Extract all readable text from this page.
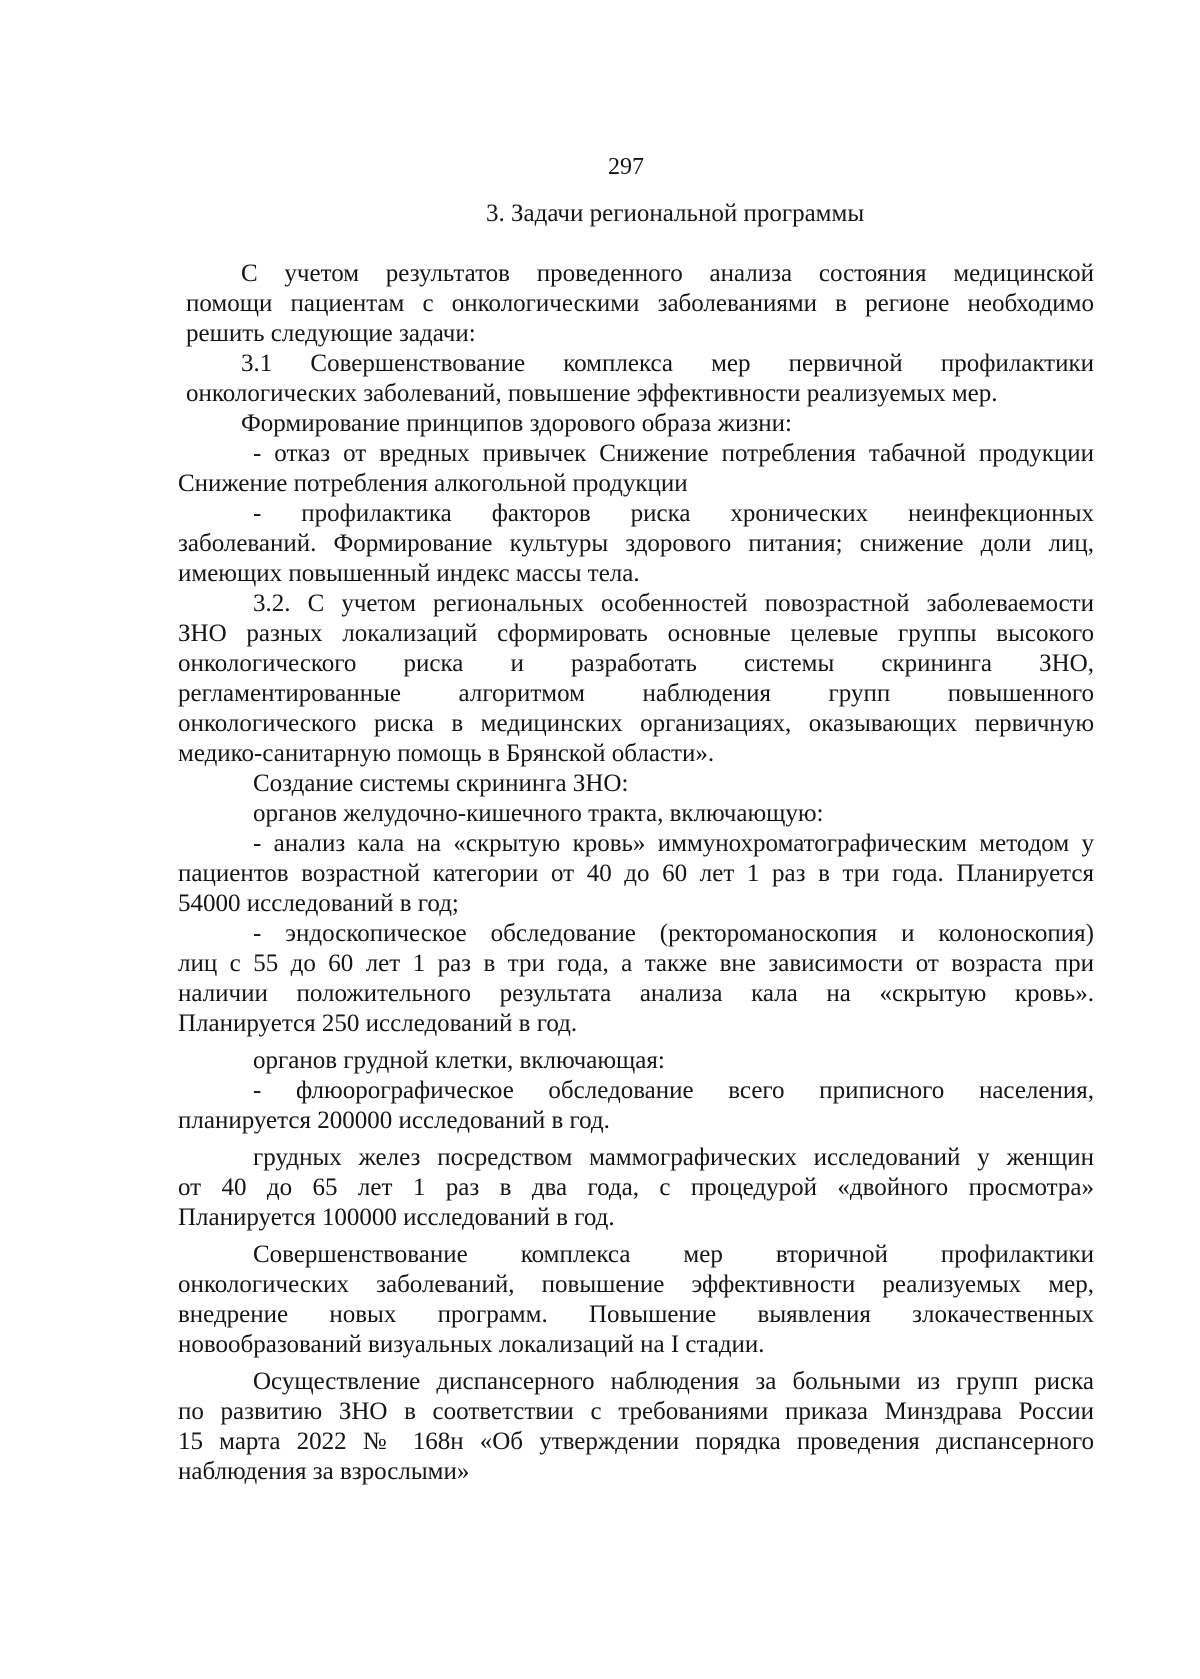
297
3. Задачи региональной программы
С учетом результатов проведенного анализа состояния медицинской
помощи пациентам с онкологическими заболеваниями в регионе необходимо
решить следующие задачи:
3.1 Совершенствование комплекса мер первичной профилактики
онкологических заболеваний, повышение эффективности реализуемых мер.
Формирование принципов здорового образа жизни:
- отказ от вредных привычек Снижение потребления табачной продукции
Снижение потребления алкогольной продукции
- профилактика факторов риска хронических неинфекционных
заболеваний. Формирование культуры здорового питания; снижение доли лиц,
имеющих повышенный индекс массы тела.
3.2. С учетом региональных особенностей повозрастной заболеваемости
ЗНО разных локализаций сформировать основные целевые группы высокого
онкологического риска и разработать системы скрининга ЗНО,
регламентированные алгоритмом наблюдения групп повышенного
онкологического риска в медицинских организациях, оказывающих первичную
медико-санитарную помощь в Брянской области».
Создание системы скрининга ЗНО:
органов желудочно-кишечного тракта, включающую:
- анализ кала на «скрытую кровь» иммунохроматографическим методом у
пациентов возрастной категории от 40 до 60 лет 1 раз в три года. Планируется
54000 исследований в год;
- эндоскопическое обследование (ректороманоскопия и колоноскопия)
лиц с 55 до 60 лет 1 раз в три года, а также вне зависимости от возраста при
наличии положительного результата анализа кала на «скрытую кровь».
Планируется 250 исследований в год.
органов грудной клетки, включающая:
- флюорографическое обследование всего приписного населения,
планируется 200000 исследований в год.
грудных желез посредством маммографических исследований у женщин
от 40 до 65 лет 1 раз в два года, с процедурой «двойного просмотра»
Планируется 100000 исследований в год.
Совершенствование комплекса мер вторичной профилактики
онкологических заболеваний, повышение эффективности реализуемых мер,
внедрение новых программ. Повышение выявления злокачественных
новообразований визуальных локализаций на I стадии.
Осуществление диспансерного наблюдения за больными из групп риска
по развитию ЗНО в соответствии с требованиями приказа Минздрава России
15 марта 2022 № 168н «Об утверждении порядка проведения диспансерного
наблюдения за взрослыми»
